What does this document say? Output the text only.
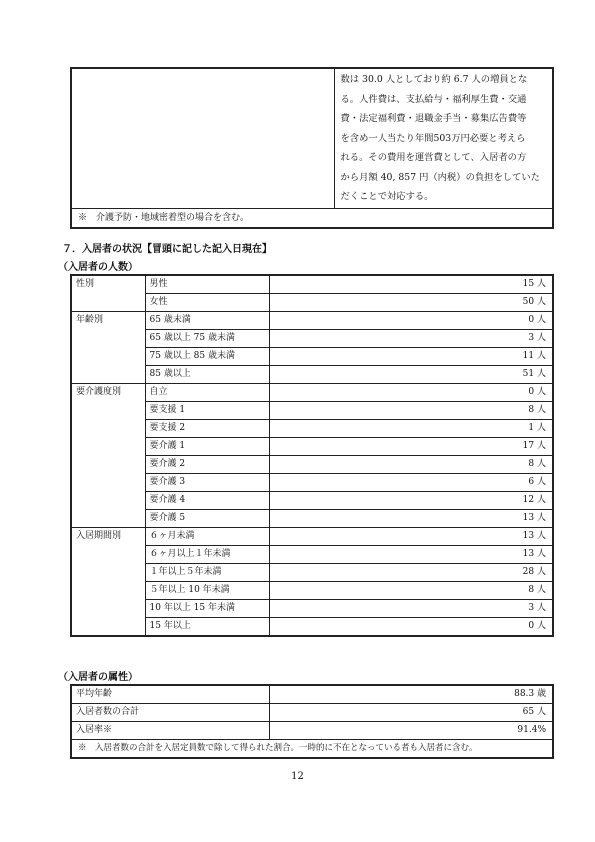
数は 30.0 人としており約 6.7 人の増員とな
る。人件費は、支払給与・福利厚生費・交通
費・法定福利費・退職金手当・募集広告費等
を含め一人当たり年間503万円必要と考えら
れる。その費用を運営費として、入居者の方
から月額 40, 857 円（内税）の負担をしていた
だくことで対応する。

※　介護予防・地域密着型の場合を含む。
７．入居者の状況【冒頭に記した記入日現在】
（入居者の人数）
性別	男性	15 人
	女性	50 人
年齢別	65 歳未満	0 人
	65 歳以上 75 歳未満	3 人
	75 歳以上 85 歳未満	11 人
	85 歳以上	51 人
要介護度別	自立	0 人
	要支援 1	8 人
	要支援 2	1 人
	要介護 1	17 人
	要介護 2	8 人
	要介護 3	6 人
	要介護 4	12 人
	要介護 5	13 人
入居期間別	６ヶ月未満	13 人
	６ヶ月以上１年未満	13 人
	１年以上５年未満	28 人
	５年以上 10 年未満	8 人
	10 年以上 15 年未満	3 人
	15 年以上	0 人
（入居者の属性）
平均年齢	88.3 歳
入居者数の合計	65 人
入居率※	91.4%
※　入居者数の合計を入居定員数で除して得られた割合。一時的に不在となっている者も入居者に含む。	
12
